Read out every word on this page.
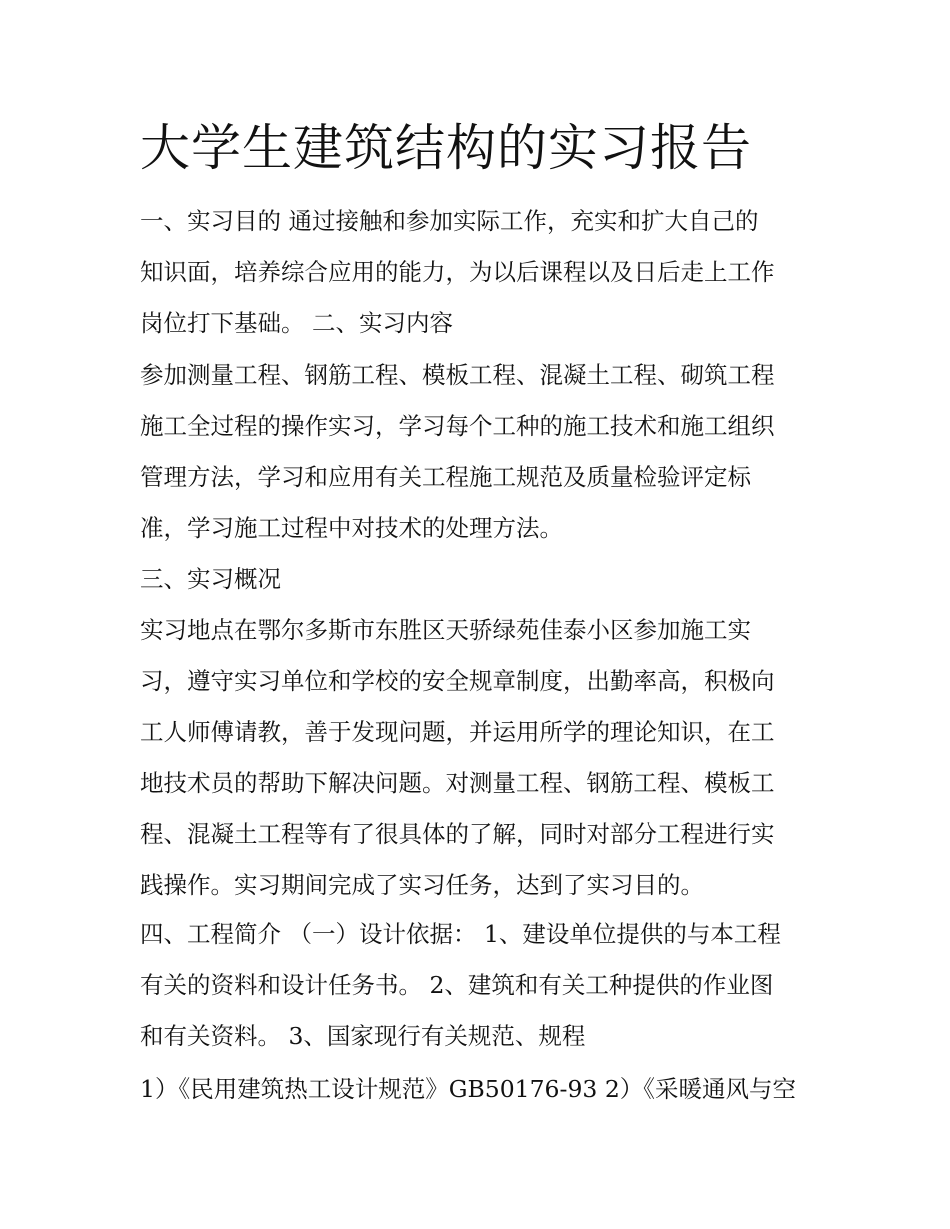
大学生建筑结构的实习报告

一、实习目的 通过接触和参加实际工作，充实和扩大自己的

知识面，培养综合应用的能力，为以后课程以及日后走上工作

岗位打下基础。 二、实习内容

参加测量工程、钢筋工程、模板工程、混凝土工程、砌筑工程

施工全过程的操作实习，学习每个工种的施工技术和施工组织

管理方法，学习和应用有关工程施工规范及质量检验评定标

准，学习施工过程中对技术的处理方法。

三、实习概况

实习地点在鄂尔多斯市东胜区天骄绿苑佳泰小区参加施工实

习，遵守实习单位和学校的安全规章制度，出勤率高，积极向

工人师傅请教，善于发现问题，并运用所学的理论知识，在工

地技术员的帮助下解决问题。对测量工程、钢筋工程、模板工

程、混凝土工程等有了很具体的了解，同时对部分工程进行实

践操作。实习期间完成了实习任务，达到了实习目的。

四、工程简介 （一）设计依据： 1、建设单位提供的与本工程

有关的资料和设计任务书。 2、建筑和有关工种提供的作业图

和有关资料。 3、国家现行有关规范、规程

1）《民用建筑热工设计规范》GB50176-93 2）《采暖通风与空
